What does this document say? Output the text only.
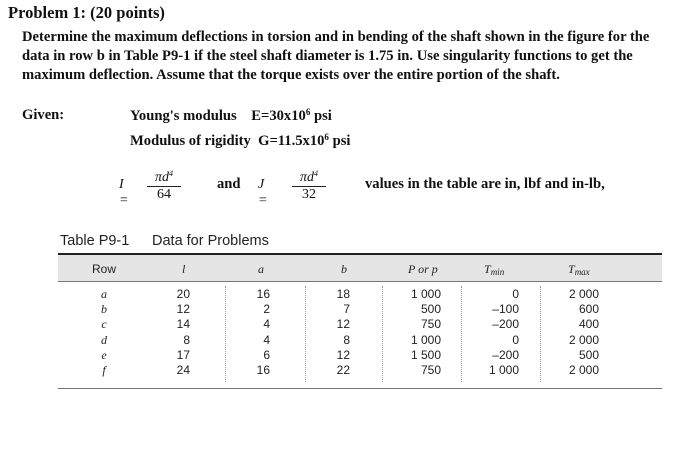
Problem 1: (20 points)
Determine the maximum deflections in torsion and in bending of the shaft shown in the figure for the data in row b in Table P9-1 if the steel shaft diameter is 1.75 in. Use singularity functions to get the maximum deflection. Assume that the torque exists over the entire portion of the shaft.
Given:	Young's modulus $E=30x10^6$ psi
Modulus of rigidity $G=11.5x10^6$ psi
$I = \frac{\pi d^4}{64}$ and $J = \frac{\pi d^4}{32}$	values in the table are in, lbf and in-lb,
Table P9-1 Data for Problems
Row	l	a	b	P or p	$T_{min}$	$T_{max}$
a	20	16	18	1 000	0	2 000
b	12	2	7	500	–100	600
c	14	4	12	750	–200	400
d	8	4	8	1 000	0	2 000
e	17	6	12	1 500	–200	500
f	24	16	22	750	1 000	2 000
